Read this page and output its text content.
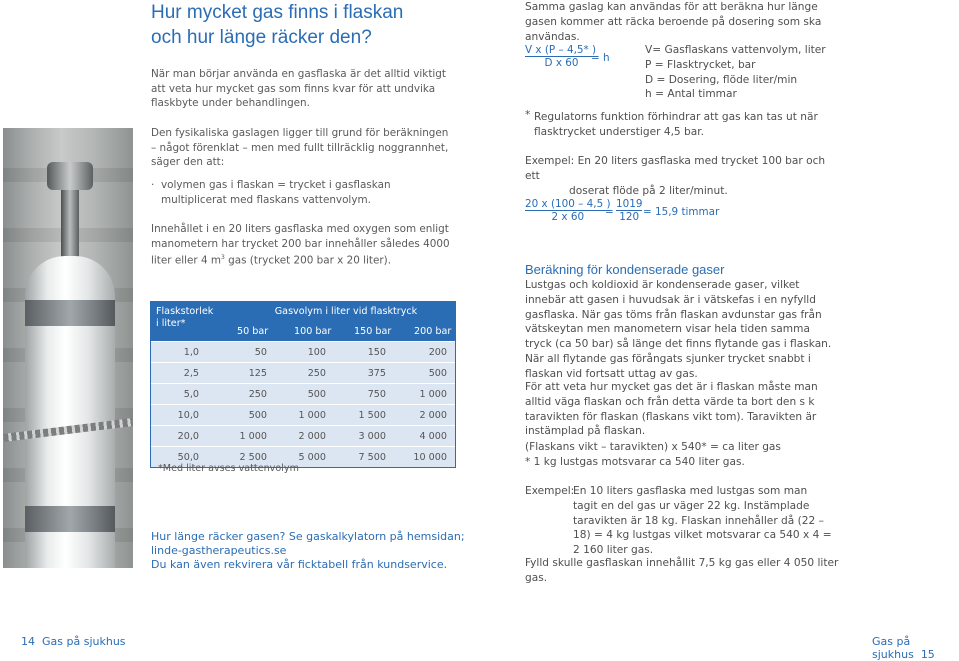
Hur mycket gas finns i flaskan
och hur länge räcker den?
När man börjar använda en gasflaska är det alltid viktigt att veta hur mycket gas som finns kvar för att undvika flaskbyte under behandlingen.
Den fysikaliska gaslagen ligger till grund för beräkningen – något förenklat – men med fullt tillräcklig noggrannhet, säger den att:
· volymen gas i flaskan = trycket i gasflaskan multiplicerat med flaskans vattenvolym.
Innehållet i en 20 liters gasflaska med oxygen som enligt manometern har trycket 200 bar innehåller således 4000 liter eller 4 $m^3$ gas (trycket 200 bar x 20 liter).
Flaskstorlek i liter*
Gasvolym i liter vid flasktryck
50 bar	100 bar 150 bar 200 bar
1,0	50	100	150	200
2,5	125	250	375	500
5,0	250	500	750	1 000
10,0	500	1 000	1 500	2 000
20,0	1 000	2 000	3 000	4 000
50,0	2 500	5 000	7 500	10 000
*Med liter avses vattenvolym
Hur länge räcker gasen? Se gaskalkylatorn på hemsidan;
linde-gastherapeutics.se
Du kan även rekvirera vår ficktabell från kundservice.
14 Gas på sjukhus
Samma gaslag kan användas för att beräkna hur länge gasen kommer att räcka beroende på dosering som ska användas.
$\frac{\text{V x (P – 4,5* )}}{\text{D x 60}}$
= h
V= Gasflaskans vattenvolym, liter
P = Flasktrycket, bar
D = Dosering, flöde liter/min
h = Antal timmar
* Regulatorns funktion förhindrar att gas kan tas ut när flasktrycket understiger 4,5 bar.
Exempel: En 20 liters gasflaska med trycket 100 bar och ett
doserat flöde på 2 liter/minut.
$\frac{20 x (100 - 4,5 )}{2 x 60}$
= $\frac{1019}{120} = 15,9$ timmar
Beräkning för kondenserade gaser
Lustgas och koldioxid är kondenserade gaser, vilket innebär att gasen i huvudsak är i vätskefas i en nyfylld gasflaska. När gas töms från flaskan avdunstar gas från vätskeytan men manometern visar hela tiden samma tryck (ca 50 bar) så länge det finns flytande gas i flaskan. När all flytande gas förångats sjunker trycket snabbt i flaskan vid fortsatt uttag av gas.
För att veta hur mycket gas det är i flaskan måste man alltid väga flaskan och från detta värde ta bort den s k taravikten för flaskan (flaskans vikt tom). Taravikten är instämplad på flaskan.
(Flaskans vikt – taravikten) x 540* = ca liter gas
* 1 kg lustgas motsvarar ca 540 liter gas.
Exempel:
En 10 liters gasflaska med lustgas som man tagit en del gas ur väger 22 kg. Instämplade taravikten är 18 kg. Flaskan innehåller då (22 – 18) = 4 kg lustgas vilket motsvarar ca 540 x 4 = 2 160 liter gas.
Fylld skulle gasflaskan innehållit 7,5 kg gas eller 4 050 liter gas.
Gas på sjukhus 15
